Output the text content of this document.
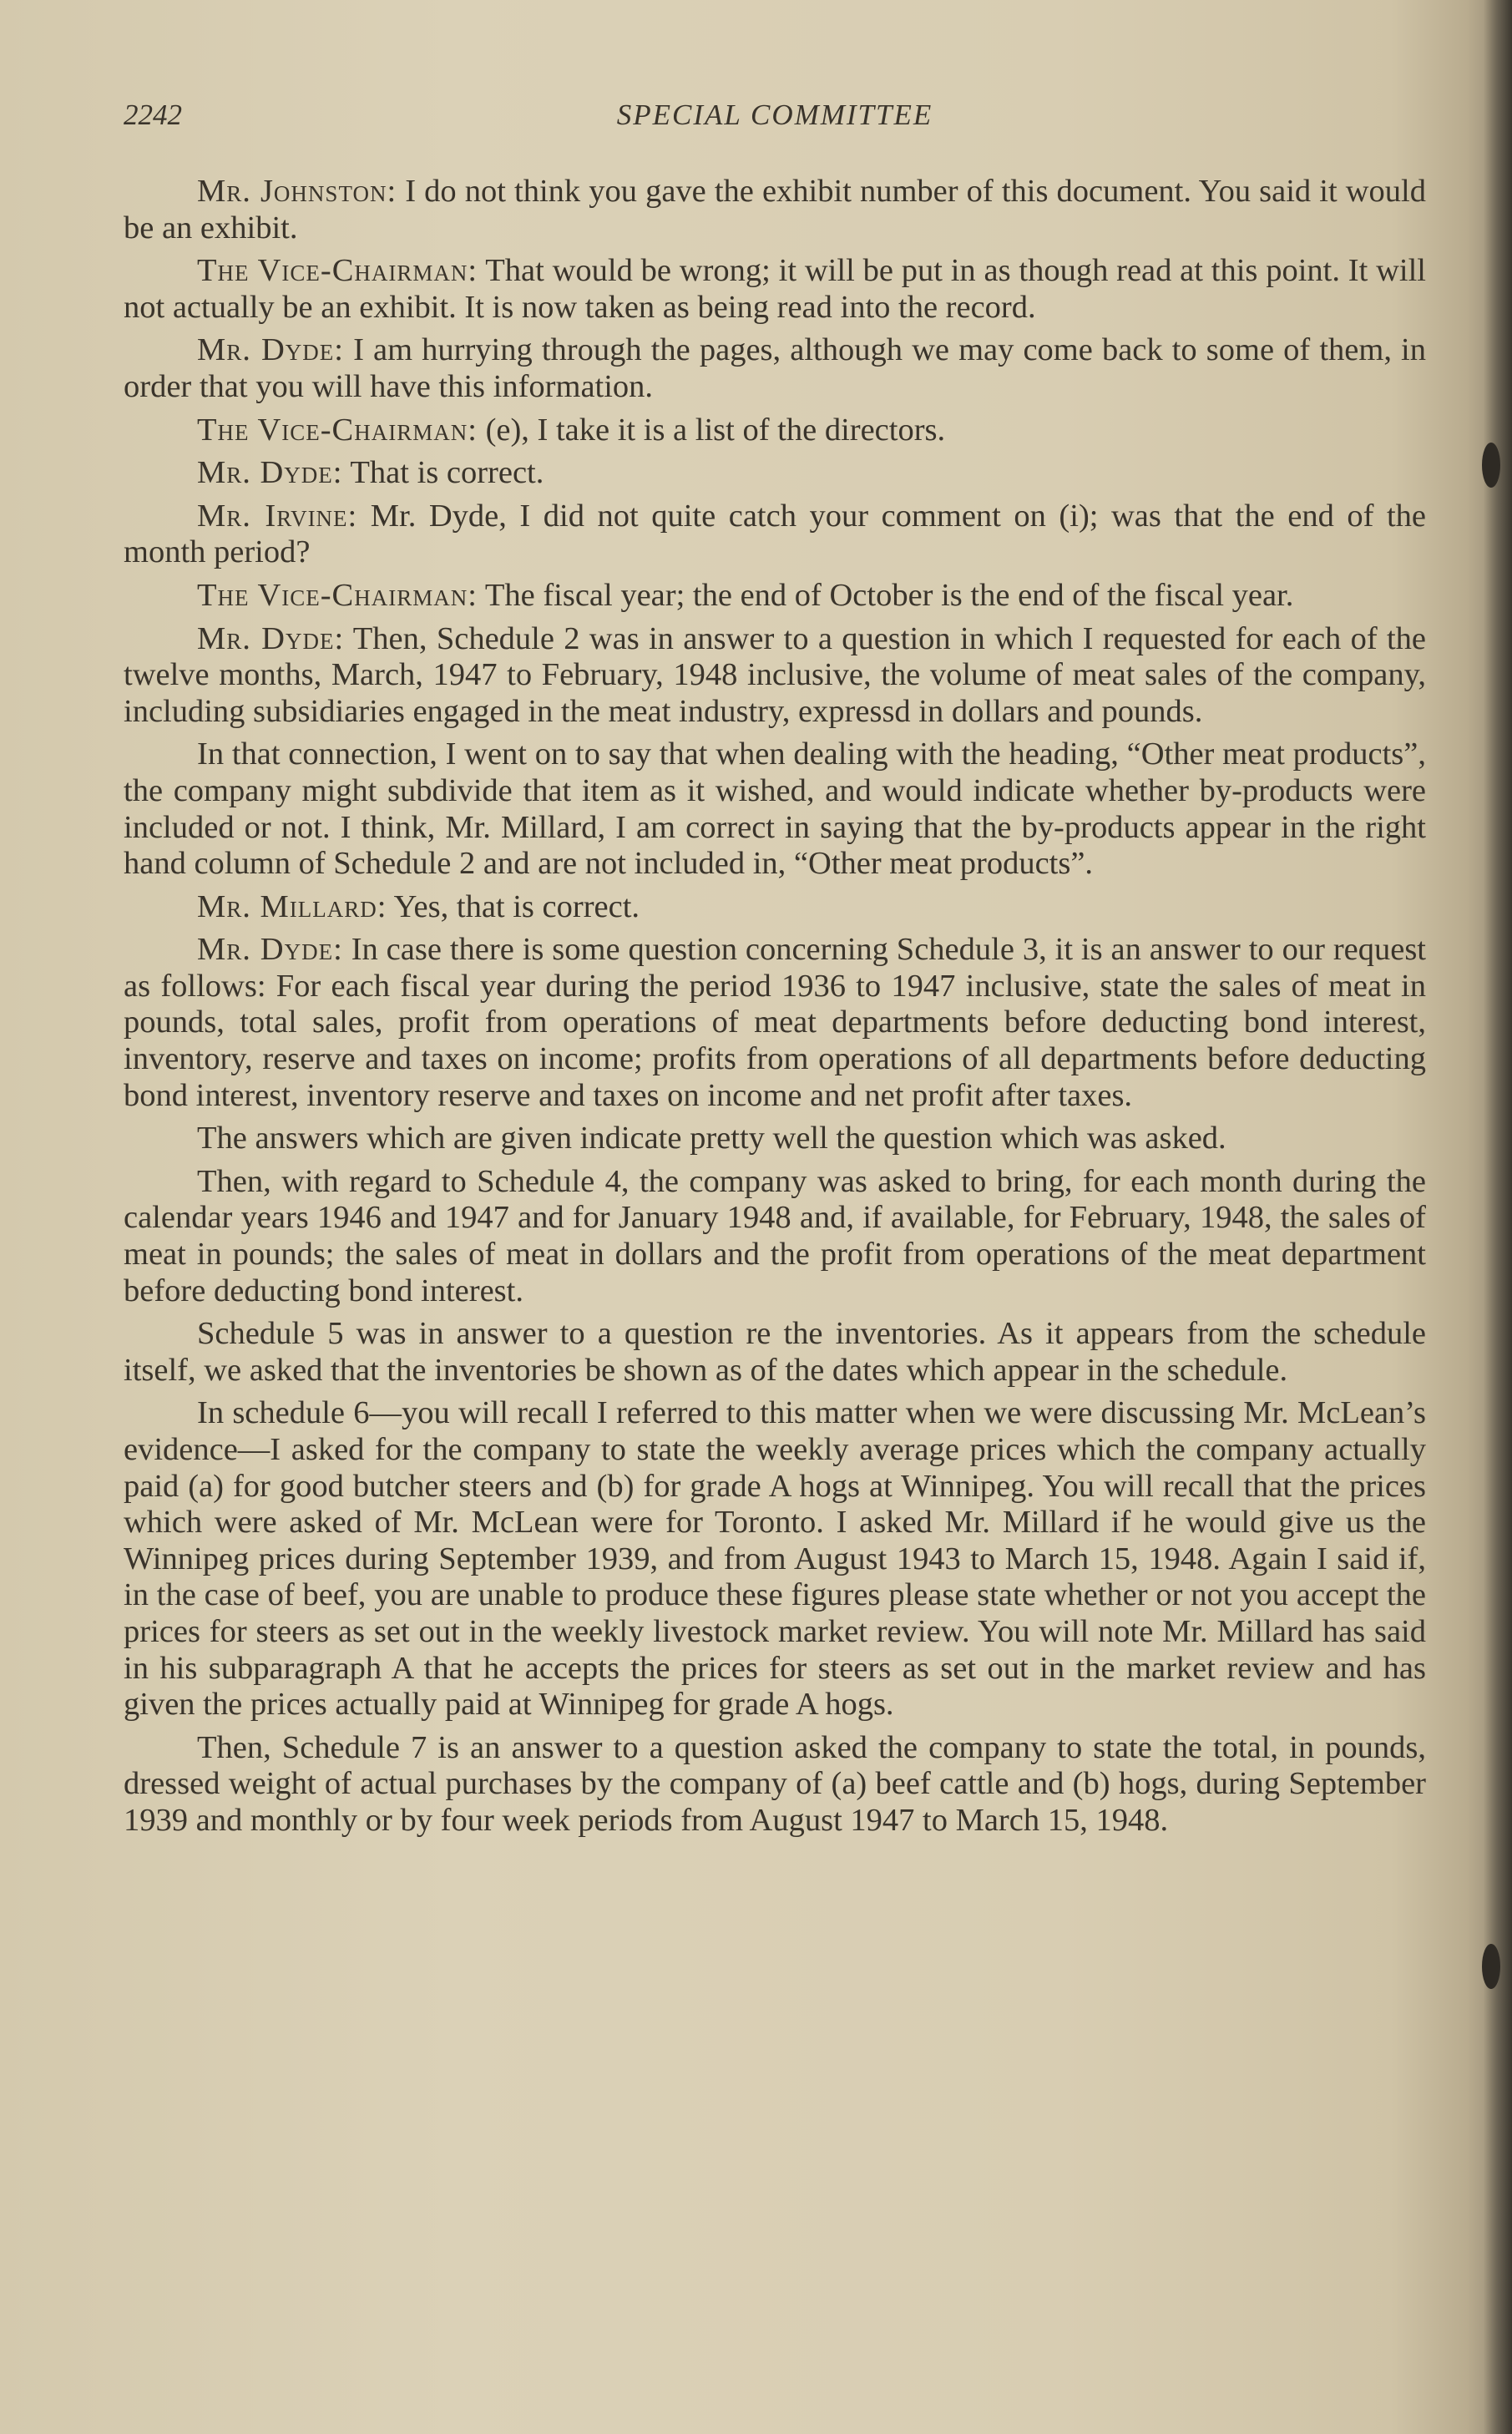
2242	SPECIAL COMMITTEE

Mr. Johnston: I do not think you gave the exhibit number of this document. You said it would be an exhibit.

The Vice-Chairman: That would be wrong; it will be put in as though read at this point. It will not actually be an exhibit. It is now taken as being read into the record.

Mr. Dyde: I am hurrying through the pages, although we may come back to some of them, in order that you will have this information.

The Vice-Chairman: (e), I take it is a list of the directors.

Mr. Dyde: That is correct.

Mr. Irvine: Mr. Dyde, I did not quite catch your comment on (i); was that the end of the month period?

The Vice-Chairman: The fiscal year; the end of October is the end of the fiscal year.

Mr. Dyde: Then, Schedule 2 was in answer to a question in which I requested for each of the twelve months, March, 1947 to February, 1948 inclusive, the volume of meat sales of the company, including subsidiaries engaged in the meat industry, expressd in dollars and pounds.

In that connection, I went on to say that when dealing with the heading, “Other meat products”, the company might subdivide that item as it wished, and would indicate whether by-products were included or not. I think, Mr. Millard, I am correct in saying that the by-products appear in the right hand column of Schedule 2 and are not included in, “Other meat products”.

Mr. Millard: Yes, that is correct.

Mr. Dyde: In case there is some question concerning Schedule 3, it is an answer to our request as follows: For each fiscal year during the period 1936 to 1947 inclusive, state the sales of meat in pounds, total sales, profit from operations of meat departments before deducting bond interest, inventory, reserve and taxes on income; profits from operations of all departments before deducting bond interest, inventory reserve and taxes on income and net profit after taxes.

The answers which are given indicate pretty well the question which was asked.

Then, with regard to Schedule 4, the company was asked to bring, for each month during the calendar years 1946 and 1947 and for January 1948 and, if available, for February, 1948, the sales of meat in pounds; the sales of meat in dollars and the profit from operations of the meat department before deducting bond interest.

Schedule 5 was in answer to a question re the inventories. As it appears from the schedule itself, we asked that the inventories be shown as of the dates which appear in the schedule.

In schedule 6—you will recall I referred to this matter when we were discussing Mr. McLean’s evidence—I asked for the company to state the weekly average prices which the company actually paid (a) for good butcher steers and (b) for grade A hogs at Winnipeg. You will recall that the prices which were asked of Mr. McLean were for Toronto. I asked Mr. Millard if he would give us the Winnipeg prices during September 1939, and from August 1943 to March 15, 1948. Again I said if, in the case of beef, you are unable to produce these figures please state whether or not you accept the prices for steers as set out in the weekly livestock market review. You will note Mr. Millard has said in his subparagraph A that he accepts the prices for steers as set out in the market review and has given the prices actually paid at Winnipeg for grade A hogs.

Then, Schedule 7 is an answer to a question asked the company to state the total, in pounds, dressed weight of actual purchases by the company of (a) beef cattle and (b) hogs, during September 1939 and monthly or by four week periods from August 1947 to March 15, 1948.
